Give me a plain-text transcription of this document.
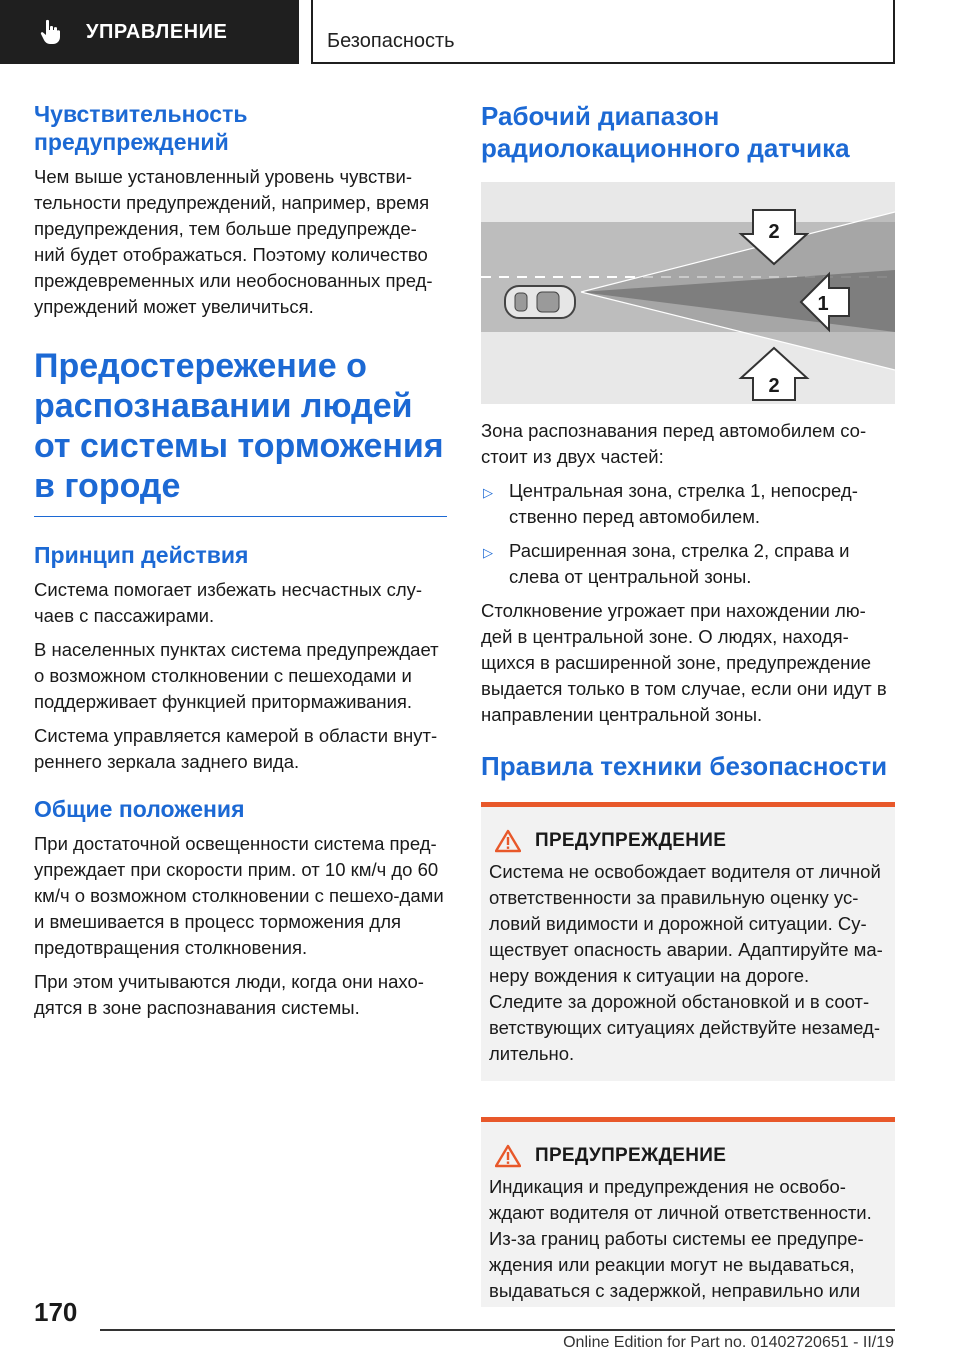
УПРАВЛЕНИЕ	Безопасность
Чувствительность предупреждений

Чем выше установленный уровень чувстви-тельности предупреждений, например, время предупреждения, тем больше предупрежде-ний будет отображаться. Поэтому количество преждевременных или необоснованных пред-упреждений может увеличиться.

Предостережение о распознавании людей от системы торможения в городе
Принцип действия

Система помогает избежать несчастных слу-чаев с пассажирами.

В населенных пунктах система предупреждает о возможном столкновении с пешеходами и поддерживает функцией притормаживания.

Система управляется камерой в области внут-реннего зеркала заднего вида.

Общие положения

При достаточной освещенности система пред-упреждает при скорости прим. от 10 км/ч до 60 км/ч о возможном столкновении с пешехо-дами и вмешивается в процесс торможения для предотвращения столкновения.

При этом учитываются люди, когда они нахо-дятся в зоне распознавания системы.

Рабочий диапазон радиолокационного датчика
2
1
2

Зона распознавания перед автомобилем со-стоит из двух частей:

▷ Центральная зона, стрелка 1, непосред-ственно перед автомобилем.
▷ Расширенная зона, стрелка 2, справа и слева от центральной зоны.

Столкновение угрожает при нахождении лю-дей в центральной зоне. О людях, находя-щихся в расширенной зоне, предупреждение выдается только в том случае, если они идут в направлении центральной зоны.

Правила техники безопасности
ПРЕДУПРЕЖДЕНИЕ

Система не освобождает водителя от личной ответственности за правильную оценку ус-ловий видимости и дорожной ситуации. Су-ществует опасность аварии. Адаптируйте ма-неру вождения к ситуации на дороге. Следите за дорожной обстановкой и в соот-ветствующих ситуациях действуйте незамед-лительно.

ПРЕДУПРЕЖДЕНИЕ

Индикация и предупреждения не освобо-ждают водителя от личной ответственности. Из-за границ работы системы ее предупре-ждения или реакции могут не выдаваться, выдаваться с задержкой, неправильно или

170
Online Edition for Part no. 01402720651 - II/19
